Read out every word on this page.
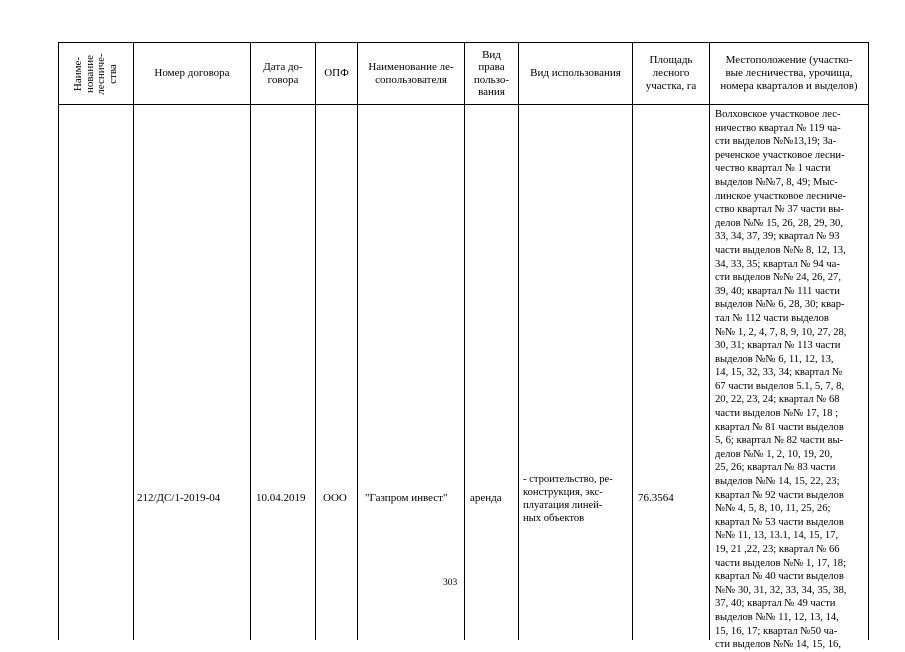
Наиме-
нование
лесниче-
ства	Номер договора
Дата до-
говора
ОПФ
Наименование ле-
сопользователя
Вид
права
пользо-
вания
Вид использования
Площадь
лесного
участка, га
Местоположение (участко-
вые лесничества, урочища,
номера кварталов и выделов)
212/ДС/1-2019-04	10.04.2019 ООО "Газпром инвест" аренда
- строительство, ре-
конструкция, экс-
плуатация линей-
ных объектов
76.3564
Волховское участковое лес-
ничество квартал № 119 ча-
сти выделов №№13,19; За-
реченское участковое лесни-
чество квартал № 1 части
выделов №№7, 8, 49; Мыс-
линское участковое лесниче-
ство квартал № 37 части вы-
делов №№ 15, 26, 28, 29, 30,
33, 34, 37, 39; квартал № 93
части выделов №№ 8, 12, 13,
34, 33, 35; квартал № 94 ча-
сти выделов №№ 24, 26, 27,
39, 40; квартал № 111 части
выделов №№ 6, 28, 30; квар-
тал № 112 части выделов
№№ 1, 2, 4, 7, 8, 9, 10, 27, 28,
30, 31; квартал № 113 части
выделов №№ 6, 11, 12, 13,
14, 15, 32, 33, 34; квартал №
67 части выделов 5.1, 5, 7, 8,
20, 22, 23, 24; квартал № 68
части выделов №№ 17, 18 ;
квартал № 81 части выделов
5, 6; квартал № 82 части вы-
делов №№ 1, 2, 10, 19, 20,
25, 26; квартал № 83 части
выделов №№ 14, 15, 22, 23;
квартал № 92 части выделов
№№ 4, 5, 8, 10, 11, 25, 26;
квартал № 53 части выделов
№№ 11, 13, 13.1, 14, 15, 17,
19, 21 ,22, 23; квартал № 66
части выделов №№ 1, 17, 18;
квартал № 40 части выделов
№№ 30, 31, 32, 33, 34, 35, 38,
37, 40; квартал № 49 части
выделов №№ 11, 12, 13, 14,
15, 16, 17; квартал №50 ча-
сти выделов №№ 14, 15, 16,
303
